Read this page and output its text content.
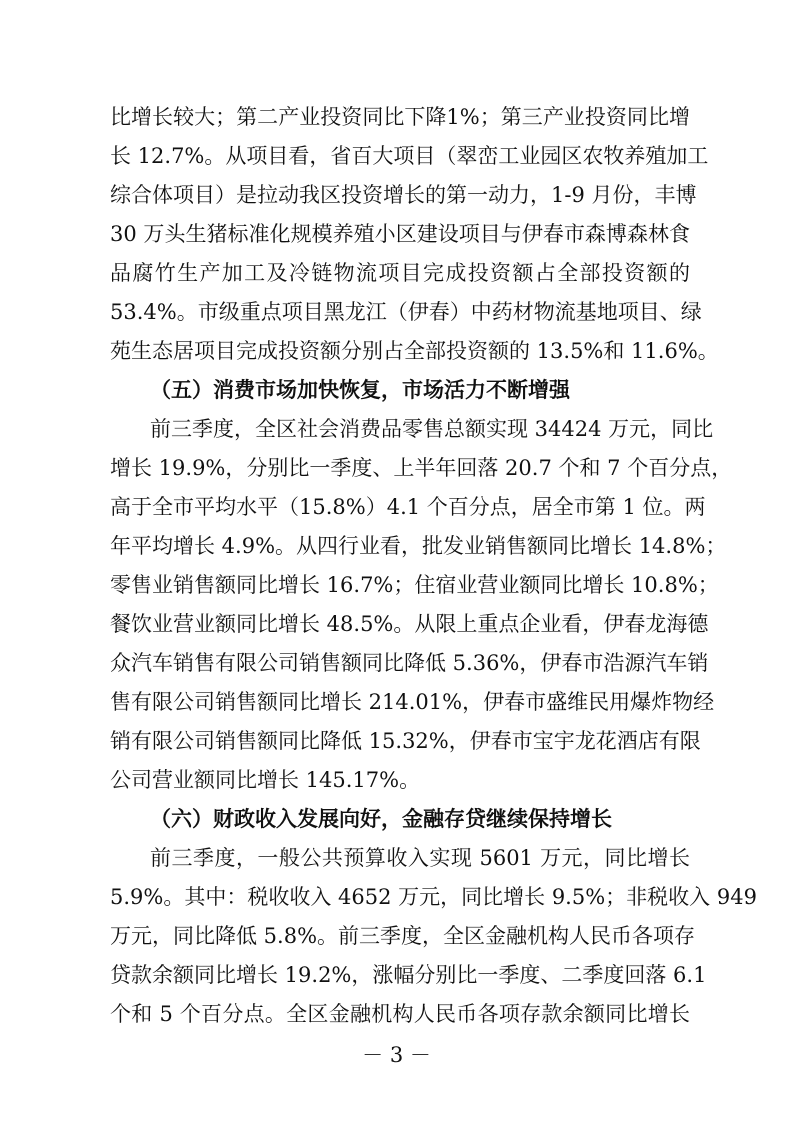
比增长较大；第二产业投资同比下降1%；第三产业投资同比增
长 12.7%。从项目看，省百大项目（翠峦工业园区农牧养殖加工
综合体项目）是拉动我区投资增长的第一动力，1-9 月份，丰博
30 万头生猪标准化规模养殖小区建设项目与伊春市森博森林食
品腐竹生产加工及冷链物流项目完成投资额占全部投资额的
53.4%。市级重点项目黑龙江（伊春）中药材物流基地项目、绿
苑生态居项目完成投资额分别占全部投资额的 13.5%和 11.6%。
（五）消费市场加快恢复，市场活力不断增强
前三季度，全区社会消费品零售总额实现 34424 万元，同比
增长 19.9%，分别比一季度、上半年回落 20.7 个和 7 个百分点，
高于全市平均水平（15.8%）4.1 个百分点，居全市第 1 位。两
年平均增长 4.9%。从四行业看，批发业销售额同比增长 14.8%；
零售业销售额同比增长 16.7%；住宿业营业额同比增长 10.8%；
餐饮业营业额同比增长 48.5%。从限上重点企业看，伊春龙海德
众汽车销售有限公司销售额同比降低 5.36%，伊春市浩源汽车销
售有限公司销售额同比增长 214.01%，伊春市盛维民用爆炸物经
销有限公司销售额同比降低 15.32%，伊春市宝宇龙花酒店有限
公司营业额同比增长 145.17%。
（六）财政收入发展向好，金融存贷继续保持增长
前三季度，一般公共预算收入实现 5601 万元，同比增长
5.9%。其中：税收收入 4652 万元，同比增长 9.5%；非税收入 949
万元，同比降低 5.8%。前三季度，全区金融机构人民币各项存
贷款余额同比增长 19.2%，涨幅分别比一季度、二季度回落 6.1
个和 5 个百分点。全区金融机构人民币各项存款余额同比增长
－ 3 －
